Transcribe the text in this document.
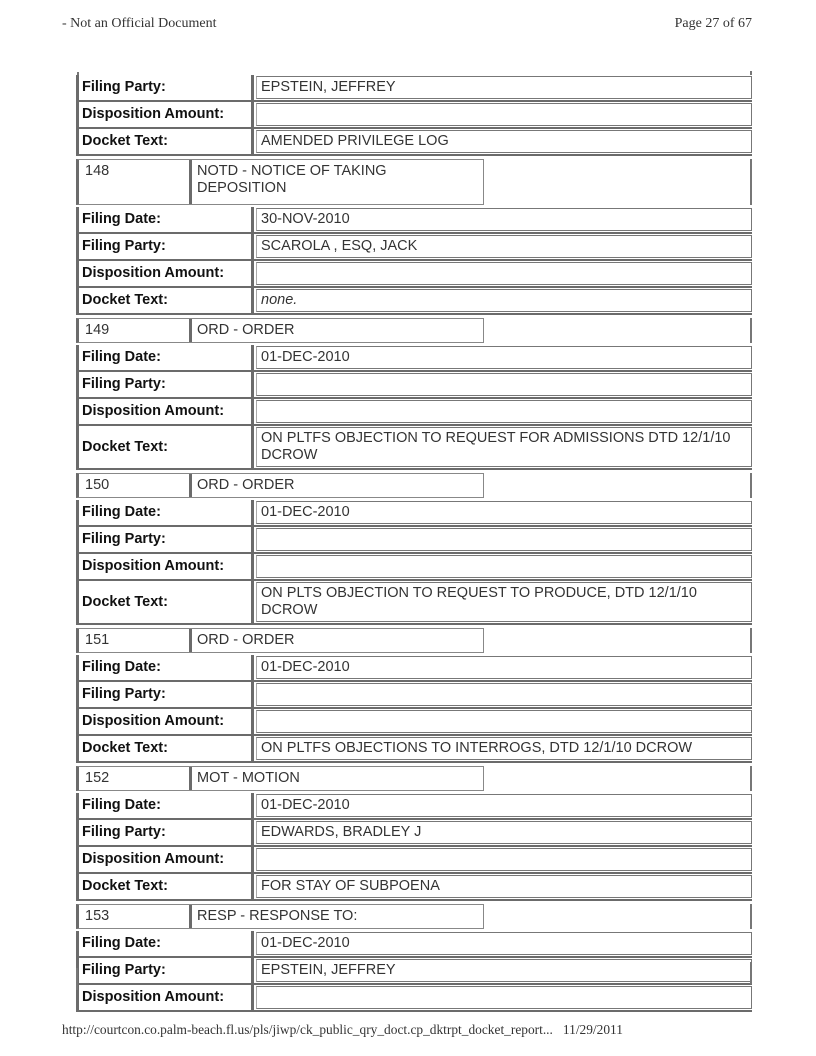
- Not an Official Document	Page 27 of 67
Filing Party:	EPSTEIN, JEFFREY
Disposition Amount:
Docket Text:	AMENDED PRIVILEGE LOG
148	NOTD - NOTICE OF TAKING DEPOSITION
Filing Date:	30-NOV-2010
Filing Party:	SCAROLA , ESQ, JACK
Disposition Amount:
Docket Text:	none.
149	ORD - ORDER
Filing Date:	01-DEC-2010
Filing Party:
Disposition Amount:
Docket Text:
ON PLTFS OBJECTION TO REQUEST FOR ADMISSIONS DTD 12/1/10 DCROW
150	ORD - ORDER
Filing Date:	01-DEC-2010
Filing Party:
Disposition Amount:
Docket Text:
ON PLTS OBJECTION TO REQUEST TO PRODUCE, DTD 12/1/10 DCROW
151	ORD - ORDER
Filing Date:	01-DEC-2010
Filing Party:
Disposition Amount:
Docket Text:	ON PLTFS OBJECTIONS TO INTERROGS, DTD 12/1/10 DCROW
152	MOT - MOTION
Filing Date:	01-DEC-2010
Filing Party:	EDWARDS, BRADLEY J
Disposition Amount:
Docket Text:	FOR STAY OF SUBPOENA
153	RESP - RESPONSE TO:
Filing Date:	01-DEC-2010
Filing Party:	EPSTEIN, JEFFREY
Disposition Amount:
http://courtcon.co.palm-beach.fl.us/pls/jiwp/ck_public_qry_doct.cp_dktrpt_docket_report... 11/29/2011
